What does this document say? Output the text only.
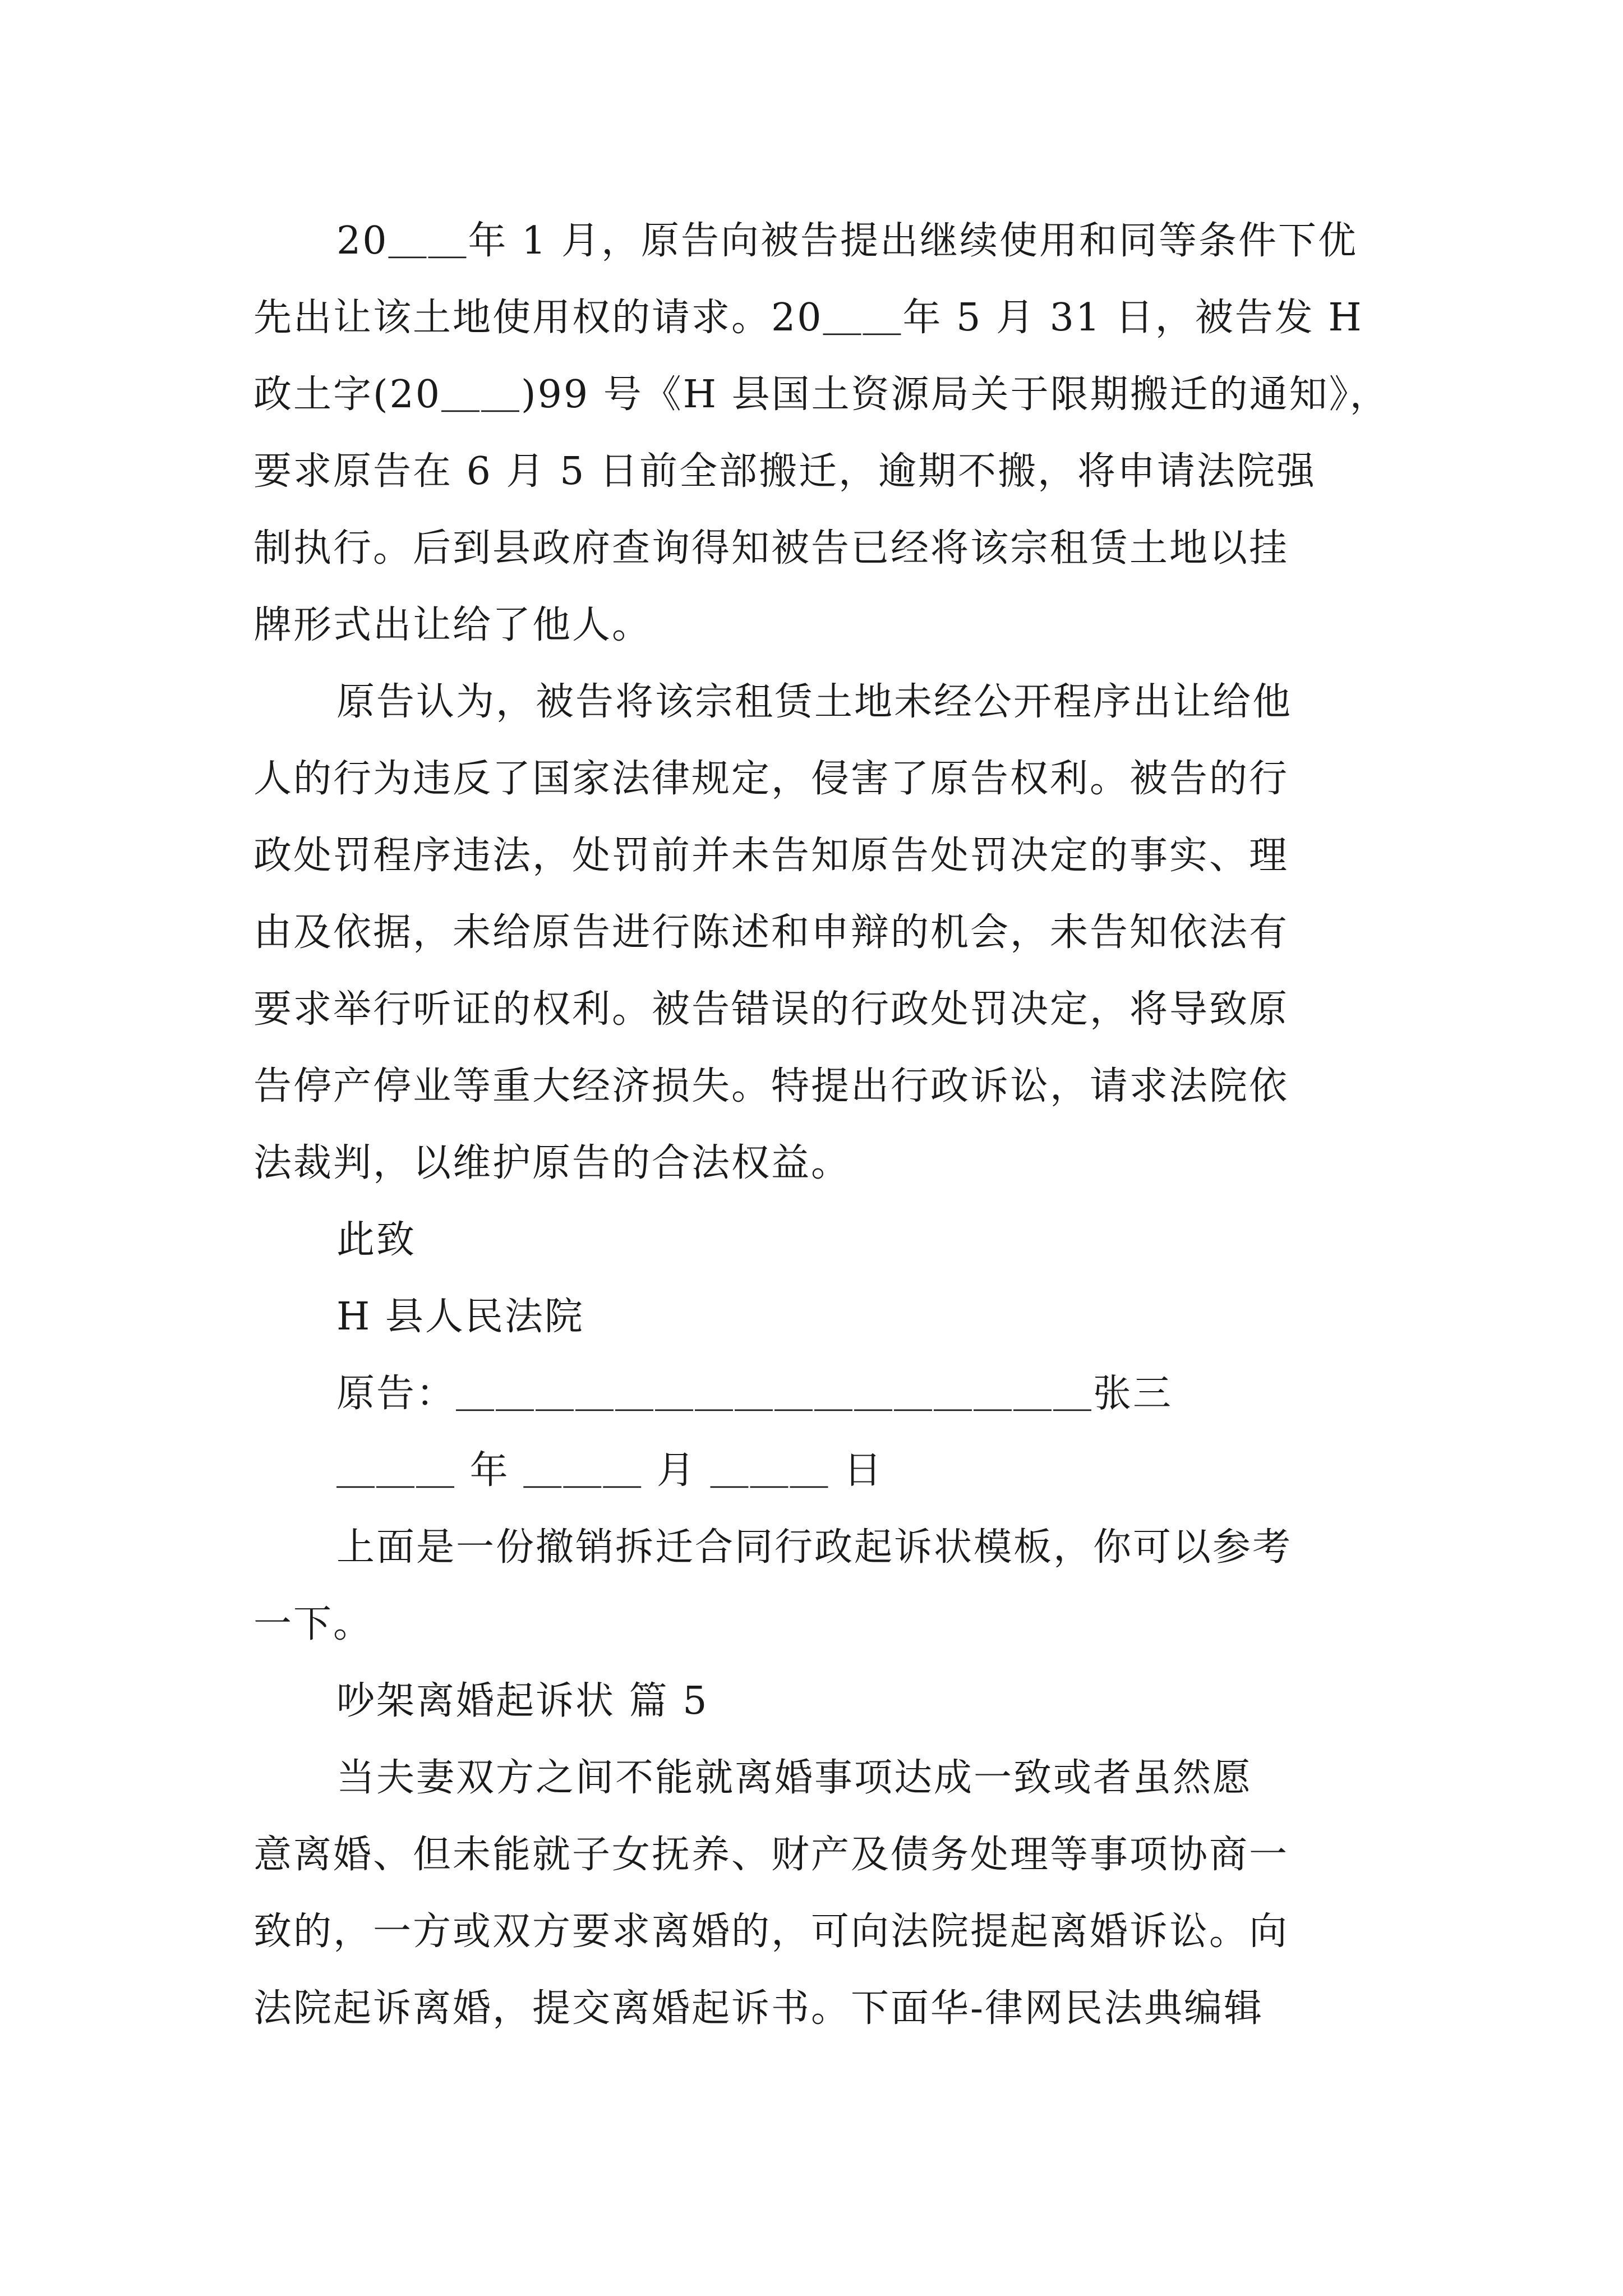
20＿＿年 1 月，原告向被告提出继续使用和同等条件下优
先出让该土地使用权的请求。20＿＿年 5 月 31 日，被告发 H
政土字(20＿＿)99 号《H 县国土资源局关于限期搬迁的通知》，
要求原告在 6 月 5 日前全部搬迁，逾期不搬，将申请法院强
制执行。后到县政府查询得知被告已经将该宗租赁土地以挂
牌形式出让给了他人。
原告认为，被告将该宗租赁土地未经公开程序出让给他
人的行为违反了国家法律规定，侵害了原告权利。被告的行
政处罚程序违法，处罚前并未告知原告处罚决定的事实、理
由及依据，未给原告进行陈述和申辩的机会，未告知依法有
要求举行听证的权利。被告错误的行政处罚决定，将导致原
告停产停业等重大经济损失。特提出行政诉讼，请求法院依
法裁判，以维护原告的合法权益。
此致
H 县人民法院
原告：＿＿＿＿＿＿＿＿＿＿＿＿＿＿＿＿张三
＿＿＿ 年 ＿＿＿ 月 ＿＿＿ 日
上面是一份撤销拆迁合同行政起诉状模板，你可以参考
一下。
吵架离婚起诉状 篇 5
当夫妻双方之间不能就离婚事项达成一致或者虽然愿
意离婚、但未能就子女抚养、财产及债务处理等事项协商一
致的，一方或双方要求离婚的，可向法院提起离婚诉讼。向
法院起诉离婚，提交离婚起诉书。下面华-律网民法典编辑
